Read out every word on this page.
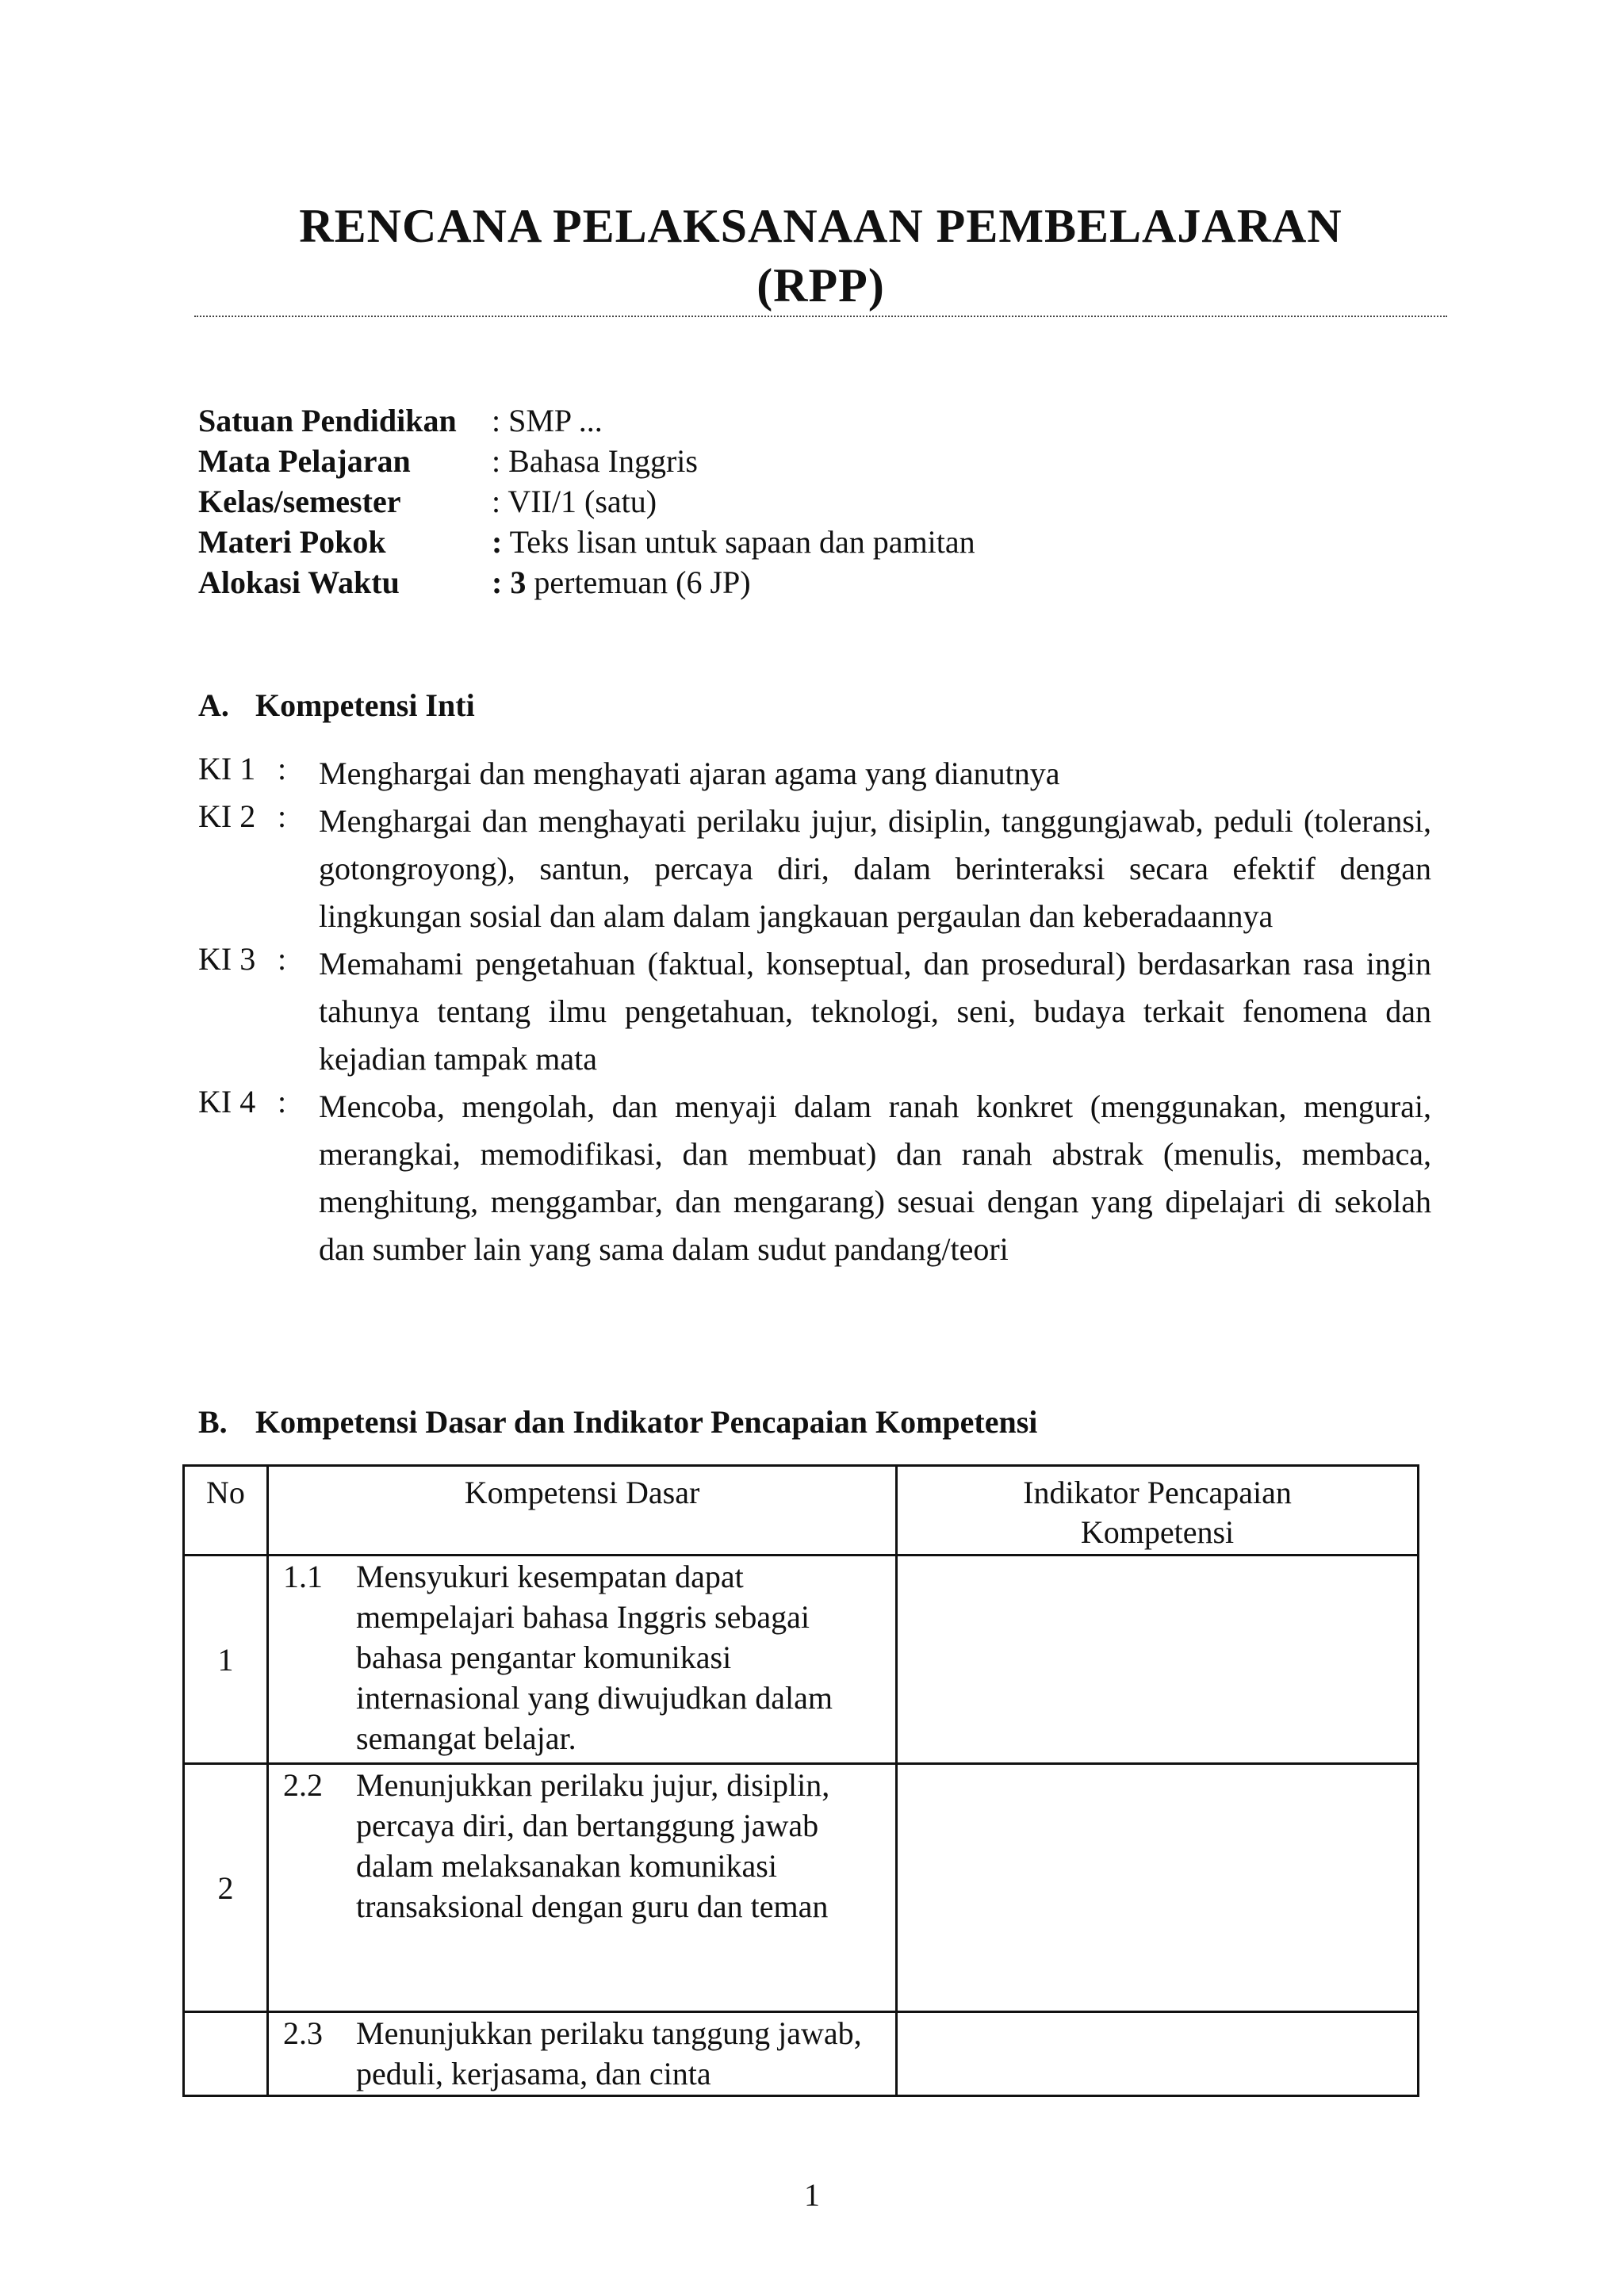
RENCANA PELAKSANAAN PEMBELAJARAN
(RPP)
Satuan Pendidikan : SMP ...
Mata Pelajaran	: Bahasa Inggris
Kelas/semester	: VII/1 (satu)
Materi Pokok	: Teks lisan untuk sapaan dan pamitan
Alokasi Waktu	: 3 pertemuan (6 JP)
A. Kompetensi Inti
KI 1 : Menghargai dan menghayati ajaran agama yang dianutnya
KI 2 : Menghargai dan menghayati perilaku jujur, disiplin, tanggungjawab, peduli (toleransi, gotongroyong), santun, percaya diri, dalam berinteraksi secara efektif dengan lingkungan sosial dan alam dalam jangkauan pergaulan dan keberadaannya
KI 3 : Memahami pengetahuan (faktual, konseptual, dan prosedural) berdasarkan rasa ingin tahunya tentang ilmu pengetahuan, teknologi, seni, budaya terkait fenomena dan kejadian tampak mata
KI 4 : Mencoba, mengolah, dan menyaji dalam ranah konkret (menggunakan, mengurai, merangkai, memodifikasi, dan membuat) dan ranah abstrak (menulis, membaca, menghitung, menggambar, dan mengarang) sesuai dengan yang dipelajari di sekolah dan sumber lain yang sama dalam sudut pandang/teori
B. Kompetensi Dasar dan Indikator Pencapaian Kompetensi
No	Kompetensi Dasar	Indikator Pencapaian Kompetensi
1	1.1 Mensyukuri kesempatan dapat mempelajari bahasa Inggris sebagai bahasa pengantar komunikasi internasional yang diwujudkan dalam semangat belajar.	

2	2.2 Menunjukkan perilaku jujur, disiplin, percaya diri, dan bertanggung jawab dalam melaksanakan komunikasi transaksional dengan guru dan teman	

	2.3 Menunjukkan perilaku tanggung jawab, peduli, kerjasama, dan cinta	

1
